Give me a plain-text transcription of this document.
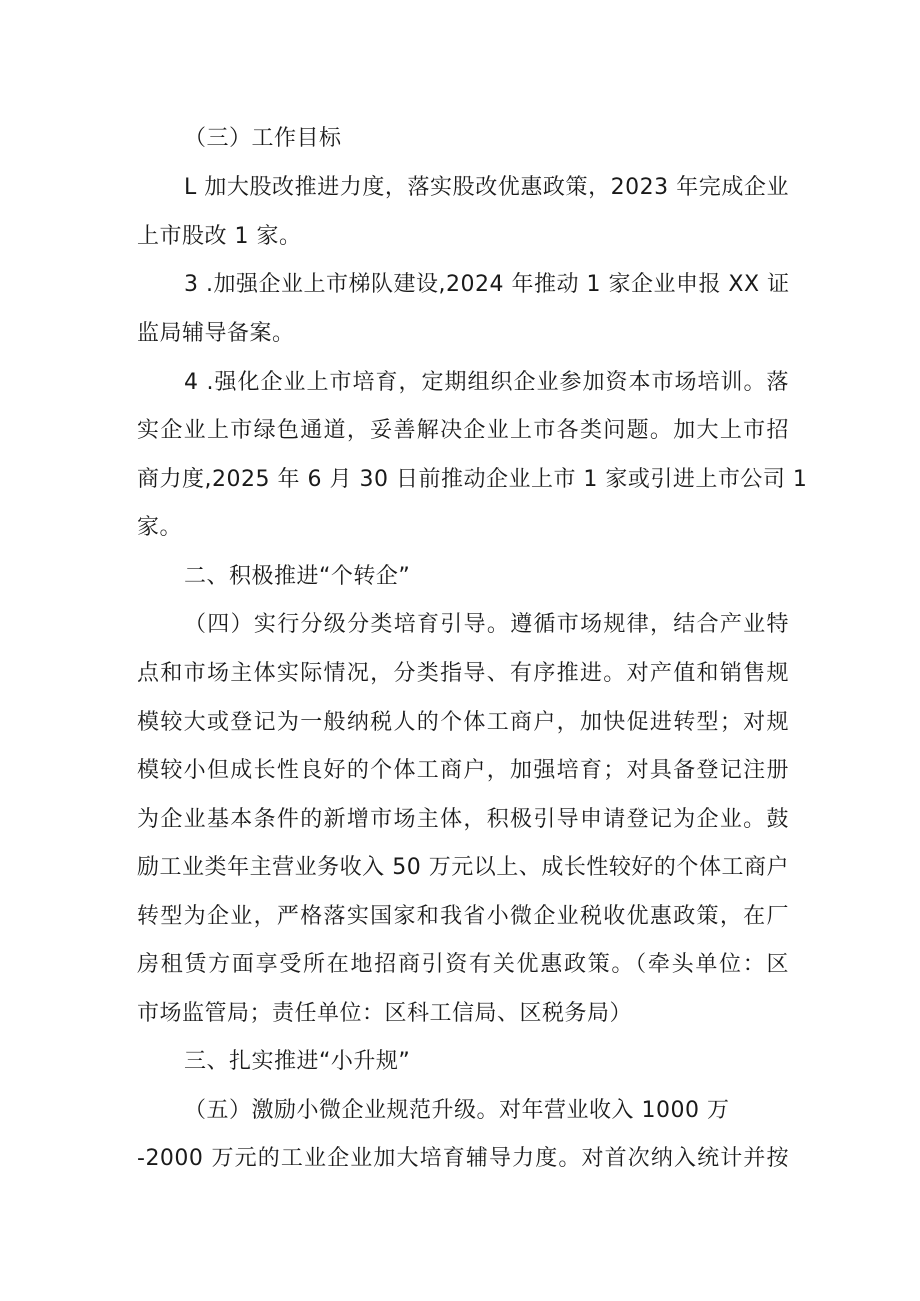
（三）工作目标
L 加大股改推进力度，落实股改优惠政策，2023 年完成企业
上市股改 1 家。
3 .加强企业上市梯队建设,2024 年推动 1 家企业申报 XX 证
监局辅导备案。
4 .强化企业上市培育，定期组织企业参加资本市场培训。落
实企业上市绿色通道，妥善解决企业上市各类问题。加大上市招
商力度,2025 年 6 月 30 日前推动企业上市 1 家或引进上市公司 1
家。
二、积极推进“个转企”
（四）实行分级分类培育引导。遵循市场规律，结合产业特
点和市场主体实际情况，分类指导、有序推进。对产值和销售规
模较大或登记为一般纳税人的个体工商户，加快促进转型；对规
模较小但成长性良好的个体工商户，加强培育；对具备登记注册
为企业基本条件的新增市场主体，积极引导申请登记为企业。鼓
励工业类年主营业务收入 50 万元以上、成长性较好的个体工商户
转型为企业，严格落实国家和我省小微企业税收优惠政策，在厂
房租赁方面享受所在地招商引资有关优惠政策。（牵头单位：区
市场监管局；责任单位：区科工信局、区税务局）
三、扎实推进“小升规”
（五）激励小微企业规范升级。对年营业收入 1000 万
-2000 万元的工业企业加大培育辅导力度。对首次纳入统计并按
